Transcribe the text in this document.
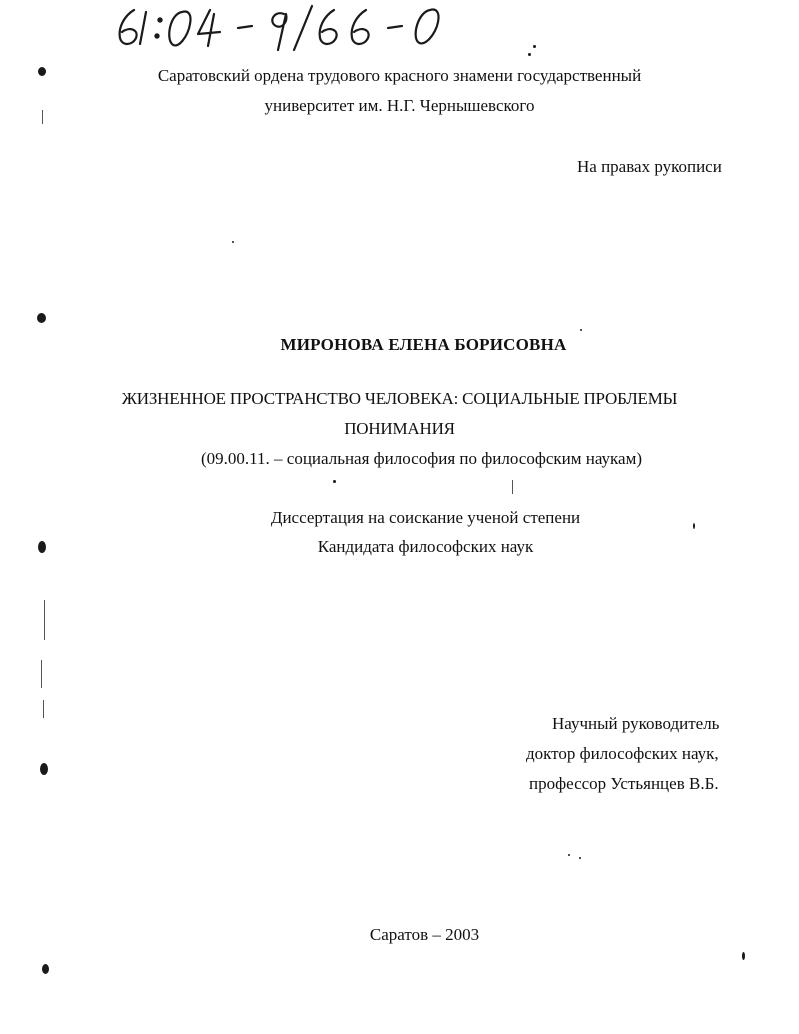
Саратовский ордена трудового красного знамени государственный
университет им. Н.Г. Чернышевского
На правах рукописи
МИРОНОВА ЕЛЕНА БОРИСОВНА
ЖИЗНЕННОЕ ПРОСТРАНСТВО ЧЕЛОВЕКА: СОЦИАЛЬНЫЕ ПРОБЛЕМЫ
ПОНИМАНИЯ
(09.00.11. – социальная философия по философским наукам)
Диссертация на соискание ученой степени
Кандидата философских наук
Научный руководитель
доктор философских наук,
профессор Устьянцев В.Б.
Саратов – 2003
